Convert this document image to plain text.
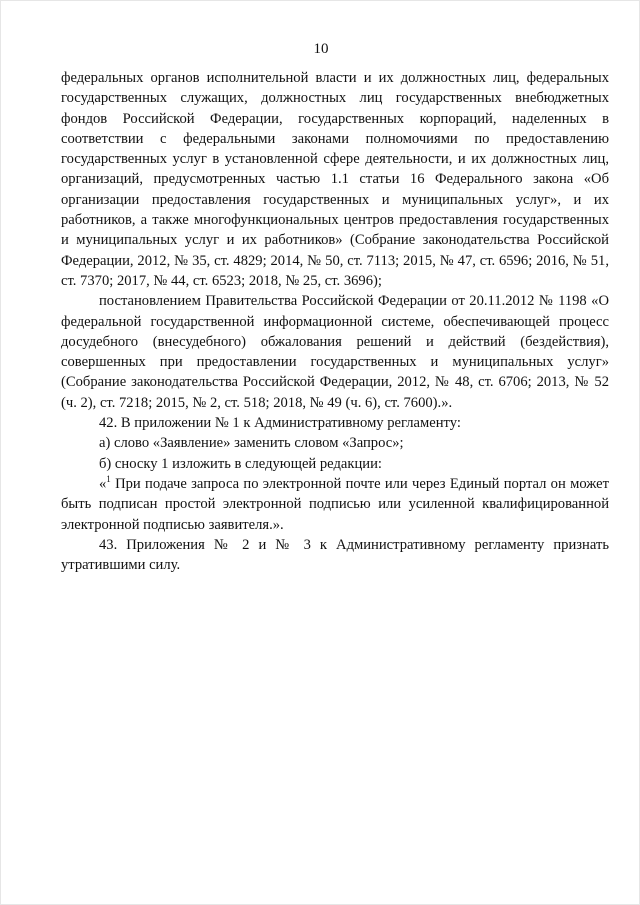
10

федеральных органов исполнительной власти и их должностных лиц, федеральных государственных служащих, должностных лиц государственных внебюджетных фондов Российской Федерации, государственных корпораций, наделенных в соответствии с федеральными законами полномочиями по предоставлению государственных услуг в установленной сфере деятельности, и их должностных лиц, организаций, предусмотренных частью 1.1 статьи 16 Федерального закона «Об организации предоставления государственных и муниципальных услуг», и их работников, а также многофункциональных центров предоставления государственных и муниципальных услуг и их работников» (Собрание законодательства Российской Федерации, 2012, № 35, ст. 4829; 2014, № 50, ст. 7113; 2015, № 47, ст. 6596; 2016, № 51, ст. 7370; 2017, № 44, ст. 6523; 2018, № 25, ст. 3696);

постановлением Правительства Российской Федерации от 20.11.2012 № 1198 «О федеральной государственной информационной системе, обеспечивающей процесс досудебного (внесудебного) обжалования решений и действий (бездействия), совершенных при предоставлении государственных и муниципальных услуг» (Собрание законодательства Российской Федерации, 2012, № 48, ст. 6706; 2013, № 52 (ч. 2), ст. 7218; 2015, № 2, ст. 518; 2018, № 49 (ч. 6), ст. 7600).».

42. В приложении № 1 к Административному регламенту:

а) слово «Заявление» заменить словом «Запрос»;

б) сноску 1 изложить в следующей редакции:

«$^1$ При подаче запроса по электронной почте или через Единый портал он может быть подписан простой электронной подписью или усиленной квалифицированной электронной подписью заявителя.».

43. Приложения № 2 и № 3 к Административному регламенту признать утратившими силу.
